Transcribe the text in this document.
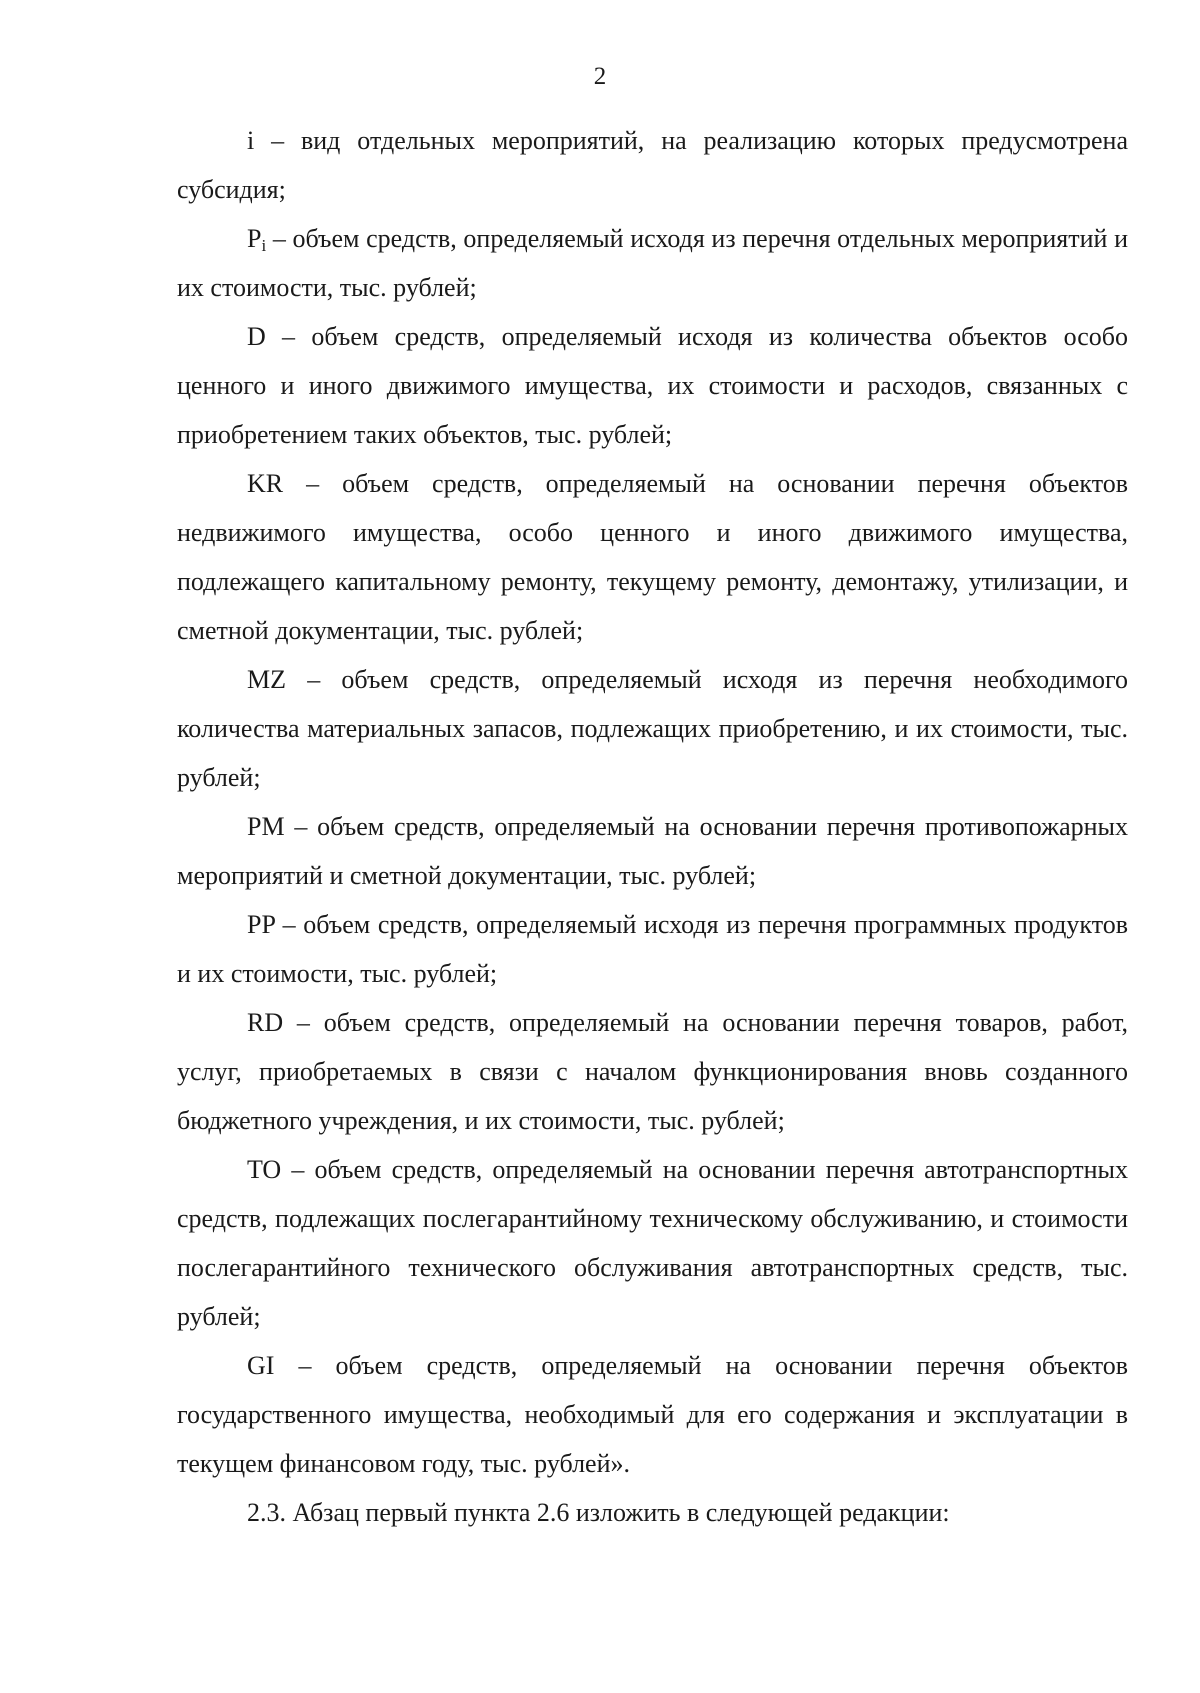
2

i – вид отдельных мероприятий, на реализацию которых предусмотрена субсидия;

$P_i$ – объем средств, определяемый исходя из перечня отдельных мероприятий и их стоимости, тыс. рублей;

D – объем средств, определяемый исходя из количества объектов особо ценного и иного движимого имущества, их стоимости и расходов, связанных с приобретением таких объектов, тыс. рублей;

KR – объем средств, определяемый на основании перечня объектов недвижимого имущества, особо ценного и иного движимого имущества, подлежащего капитальному ремонту, текущему ремонту, демонтажу, утилизации, и сметной документации, тыс. рублей;

MZ – объем средств, определяемый исходя из перечня необходимого количества материальных запасов, подлежащих приобретению, и их стоимости, тыс. рублей;

PM – объем средств, определяемый на основании перечня противопожарных мероприятий и сметной документации, тыс. рублей;

PP – объем средств, определяемый исходя из перечня программных продуктов и их стоимости, тыс. рублей;

RD – объем средств, определяемый на основании перечня товаров, работ, услуг, приобретаемых в связи с началом функционирования вновь созданного бюджетного учреждения, и их стоимости, тыс. рублей;

TO – объем средств, определяемый на основании перечня автотранспортных средств, подлежащих послегарантийному техническому обслуживанию, и стоимости послегарантийного технического обслуживания автотранспортных средств, тыс. рублей;

GI – объем средств, определяемый на основании перечня объектов государственного имущества, необходимый для его содержания и эксплуатации в текущем финансовом году, тыс. рублей».

2.3. Абзац первый пункта 2.6 изложить в следующей редакции:
